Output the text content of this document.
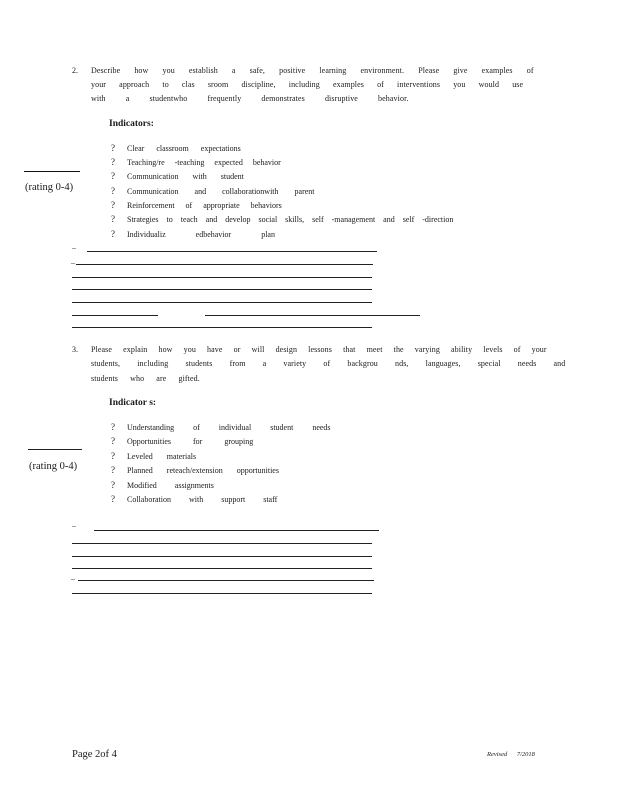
2. Describe how you establish a safe, positive learning environment. Please give examples of
your approach to clas sroom discipline, including examples of interventions you would use
with a studentwho frequently demonstrates disruptive behavior.
Indicators:
? Clear classroom expectations
? Teaching/re -teaching expected behavior
? Communication with student
? Communication and collaborationwith parent
? Reinforcement of appropriate behaviors
? Strategies to teach and develop social skills, self -management and self -direction
? Individualiz edbehavior plan
(rating 0-4)
_
–
3. Please explain how you have or will design lessons that meet the varying ability levels of your
students, including students from a variety of backgrou nds, languages, special needs and
students who are gifted.
Indicator s:
? Understanding of individual student needs
? Opportunities for grouping
? Leveled materials
? Planned reteach/extension opportunities
? Modified assignments
? Collaboration with support staff
(rating 0-4)
_
–
Page 2of 4	Revised 7/2018
